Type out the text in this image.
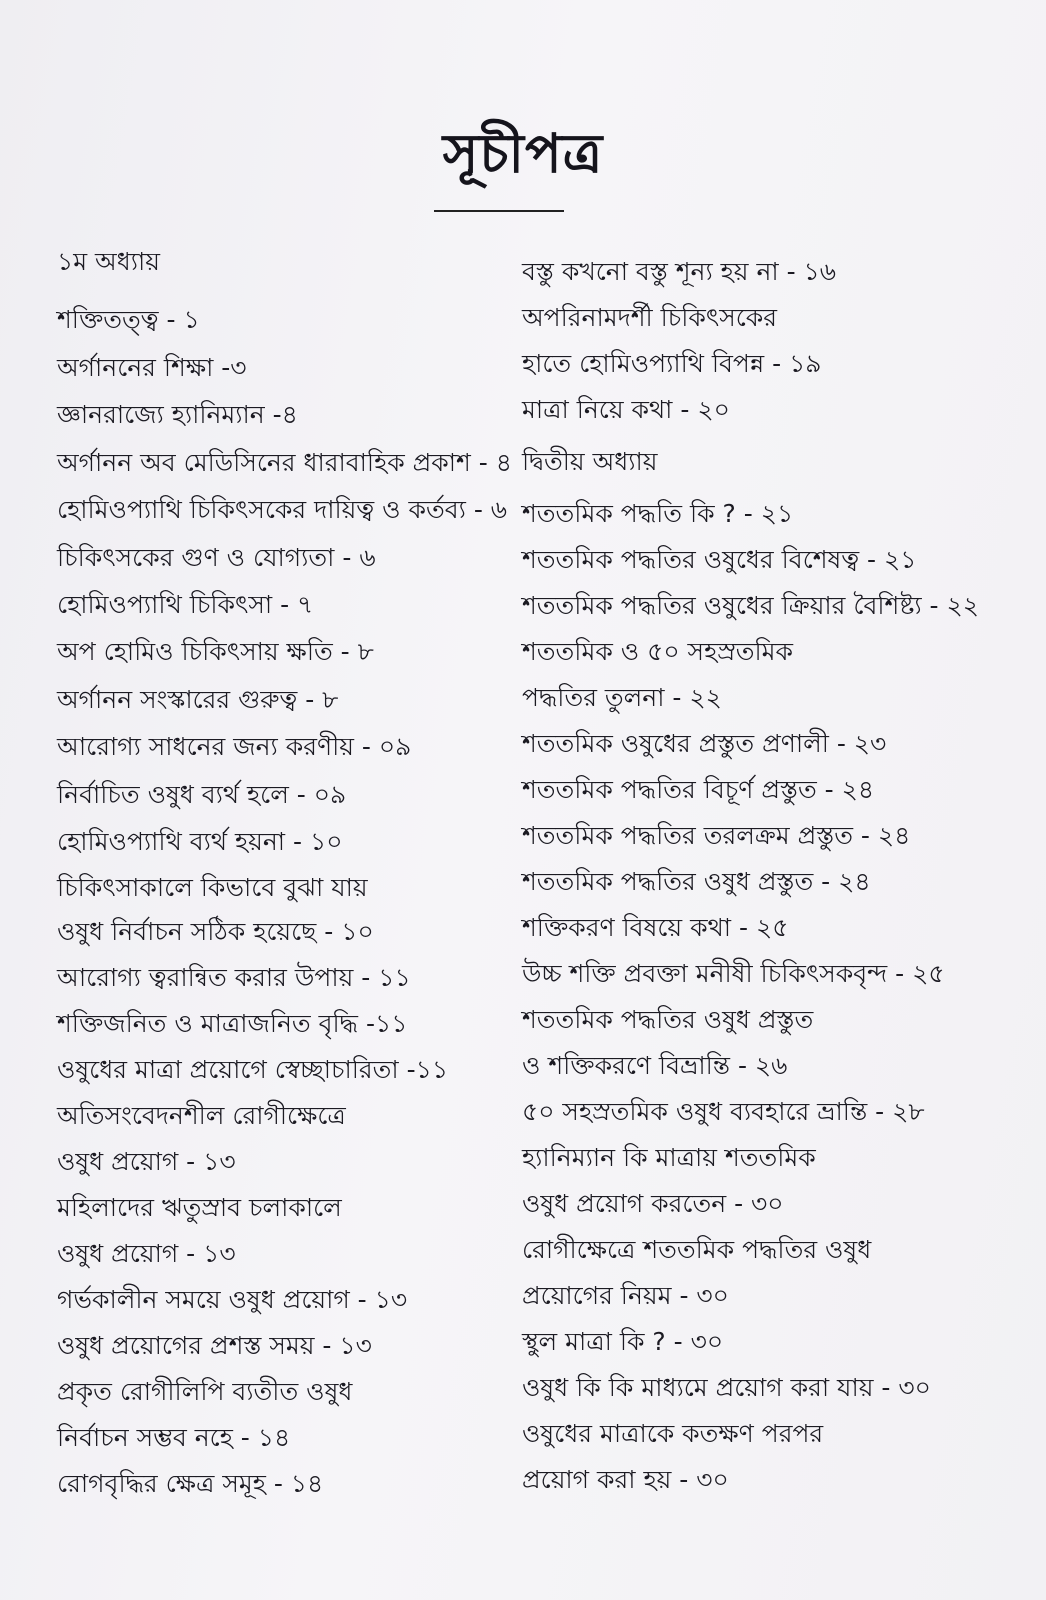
সূচীপত্র
১ম অধ্যায়
শক্তিতত্ত্ব - ১
অর্গাননের শিক্ষা -৩
জ্ঞানরাজ্যে হ্যানিম্যান -৪
অর্গানন অব মেডিসিনের ধারাবাহিক প্রকাশ - ৪
হোমিওপ্যাথি চিকিৎসকের দায়িত্ব ও কর্তব্য - ৬
চিকিৎসকের গুণ ও যোগ্যতা - ৬
হোমিওপ্যাথি চিকিৎসা - ৭
অপ হোমিও চিকিৎসায় ক্ষতি - ৮
অর্গানন সংস্কারের গুরুত্ব - ৮
আরোগ্য সাধনের জন্য করণীয় - ০৯
নির্বাচিত ওষুধ ব্যর্থ হলে - ০৯
হোমিওপ্যাথি ব্যর্থ হয়না - ১০
চিকিৎসাকালে কিভাবে বুঝা যায়
ওষুধ নির্বাচন সঠিক হয়েছে - ১০
আরোগ্য ত্বরান্বিত করার উপায় - ১১
শক্তিজনিত ও মাত্রাজনিত বৃদ্ধি -১১
ওষুধের মাত্রা প্রয়োগে স্বেচ্ছাচারিতা -১১
অতিসংবেদনশীল রোগীক্ষেত্রে
ওষুধ প্রয়োগ - ১৩
মহিলাদের ঋতুস্রাব চলাকালে
ওষুধ প্রয়োগ - ১৩
গর্ভকালীন সময়ে ওষুধ প্রয়োগ - ১৩
ওষুধ প্রয়োগের প্রশস্ত সময় - ১৩
প্রকৃত রোগীলিপি ব্যতীত ওষুধ
নির্বাচন সম্ভব নহে - ১৪
রোগবৃদ্ধির ক্ষেত্র সমূহ - ১৪
বস্তু কখনো বস্তু শূন্য হয় না - ১৬
অপরিনামদর্শী চিকিৎসকের
হাতে হোমিওপ্যাথি বিপন্ন - ১৯
মাত্রা নিয়ে কথা - ২০
দ্বিতীয় অধ্যায়
শততমিক পদ্ধতি কি ? - ২১
শততমিক পদ্ধতির ওষুধের বিশেষত্ব - ২১
শততমিক পদ্ধতির ওষুধের ক্রিয়ার বৈশিষ্ট্য - ২২
শততমিক ও ৫০ সহস্রতমিক
পদ্ধতির তুলনা - ২২
শততমিক ওষুধের প্রস্তুত প্রণালী - ২৩
শততমিক পদ্ধতির বিচূর্ণ প্রস্তুত - ২৪
শততমিক পদ্ধতির তরলক্রম প্রস্তুত - ২৪
শততমিক পদ্ধতির ওষুধ প্রস্তুত - ২৪
শক্তিকরণ বিষয়ে কথা - ২৫
উচ্চ শক্তি প্রবক্তা মনীষী চিকিৎসকবৃন্দ - ২৫
শততমিক পদ্ধতির ওষুধ প্রস্তুত
ও শক্তিকরণে বিভ্রান্তি - ২৬
৫০ সহস্রতমিক ওষুধ ব্যবহারে ভ্রান্তি - ২৮
হ্যানিম্যান কি মাত্রায় শততমিক
ওষুধ প্রয়োগ করতেন - ৩০
রোগীক্ষেত্রে শততমিক পদ্ধতির ওষুধ
প্রয়োগের নিয়ম - ৩০
স্থুল মাত্রা কি ? - ৩০
ওষুধ কি কি মাধ্যমে প্রয়োগ করা যায় - ৩০
ওষুধের মাত্রাকে কতক্ষণ পরপর
প্রয়োগ করা হয় - ৩০
